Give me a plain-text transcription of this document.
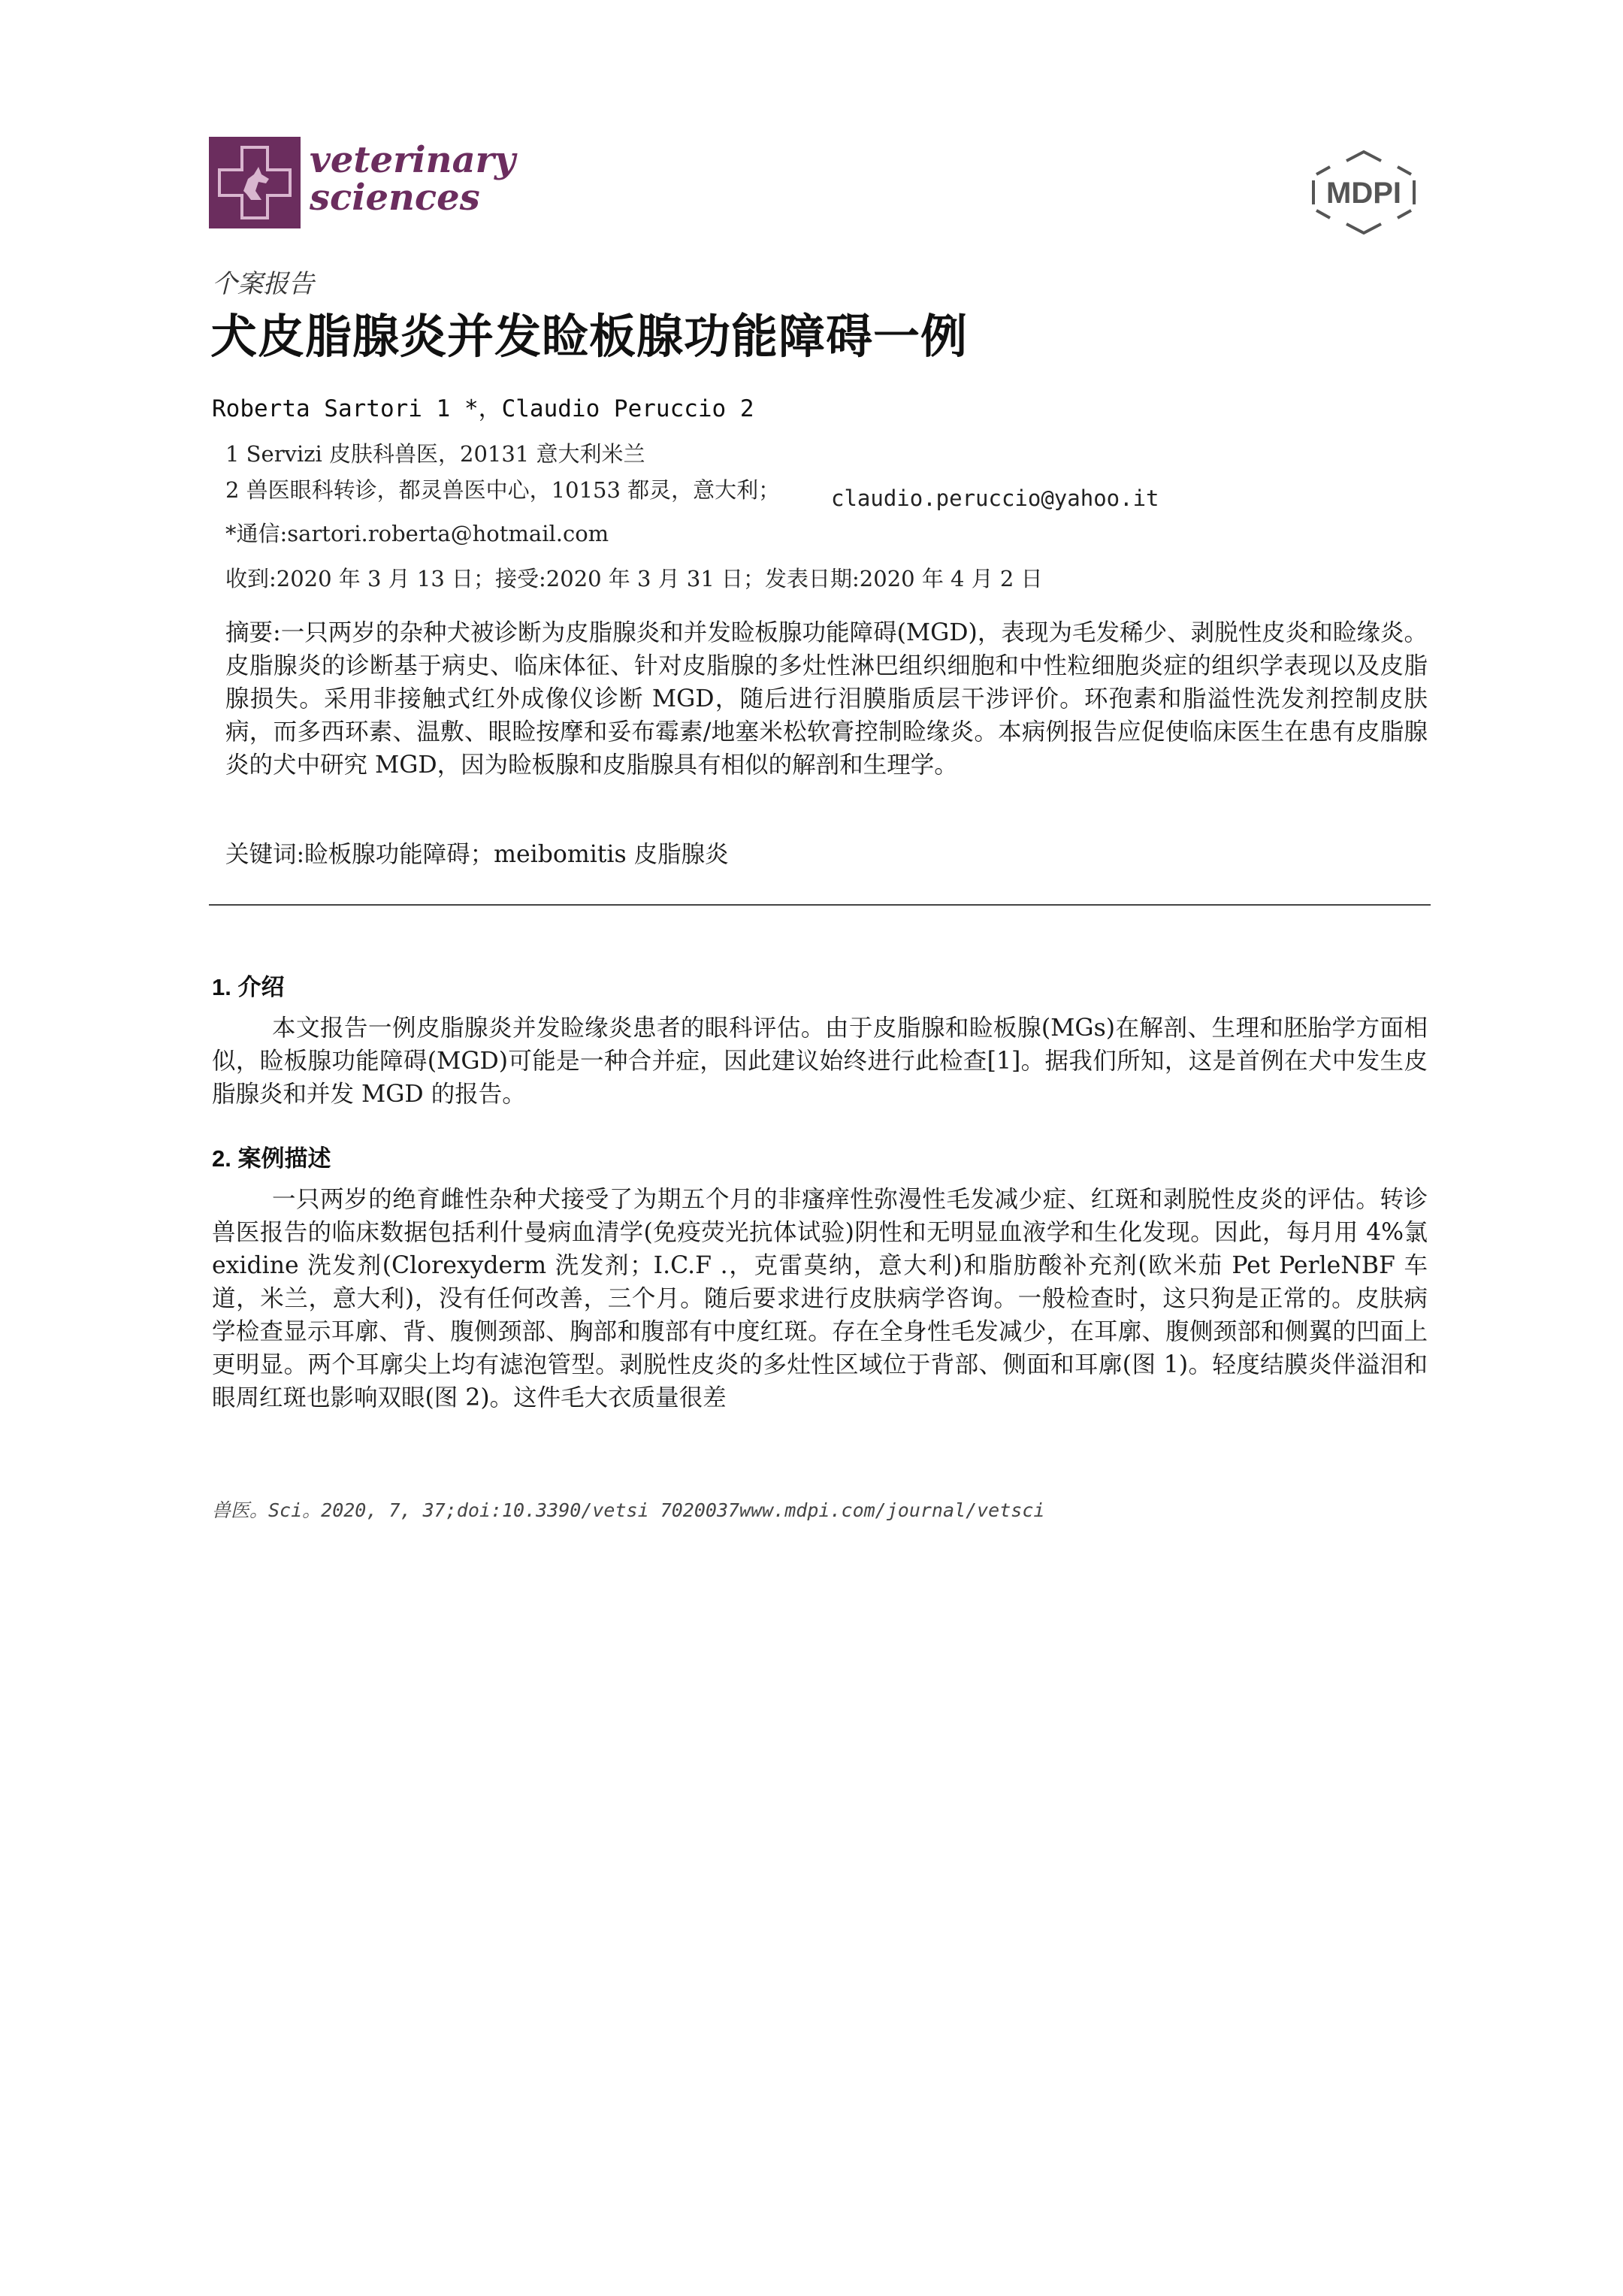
veterinary
sciences	MDPI
个案报告
犬皮脂腺炎并发睑板腺功能障碍一例
Roberta Sartori 1 *，Claudio Peruccio 2
1 Servizi 皮肤科兽医，20131 意大利米兰
2 兽医眼科转诊，都灵兽医中心，10153 都灵，意大利； claudio.peruccio@yahoo.it
*通信:sartori.roberta@hotmail.com
收到:2020 年 3 月 13 日；接受:2020 年 3 月 31 日；发表日期:2020 年 4 月 2 日
摘要:一只两岁的杂种犬被诊断为皮脂腺炎和并发睑板腺功能障碍(MGD)，表现为毛发稀少、剥脱性皮炎和睑缘炎。皮脂腺炎的诊断基于病史、临床体征、针对皮脂腺的多灶性淋巴组织细胞和中性粒细胞炎症的组织学表现以及皮脂腺损失。采用非接触式红外成像仪诊断 MGD，随后进行泪膜脂质层干涉评价。环孢素和脂溢性洗发剂控制皮肤病，而多西环素、温敷、眼睑按摩和妥布霉素/地塞米松软膏控制睑缘炎。本病例报告应促使临床医生在患有皮脂腺炎的犬中研究 MGD，因为睑板腺和皮脂腺具有相似的解剖和生理学。
关键词:睑板腺功能障碍；meibomitis 皮脂腺炎
1. 介绍
本文报告一例皮脂腺炎并发睑缘炎患者的眼科评估。由于皮脂腺和睑板腺(MGs)在解剖、生理和胚胎学方面相似，睑板腺功能障碍(MGD)可能是一种合并症，因此建议始终进行此检查[1]。据我们所知，这是首例在犬中发生皮脂腺炎和并发 MGD 的报告。
2. 案例描述
一只两岁的绝育雌性杂种犬接受了为期五个月的非瘙痒性弥漫性毛发减少症、红斑和剥脱性皮炎的评估。转诊兽医报告的临床数据包括利什曼病血清学(免疫荧光抗体试验)阴性和无明显血液学和生化发现。因此，每月用 4%氯 exidine 洗发剂(Clorexyderm 洗发剂；I.C.F .，克雷莫纳，意大利)和脂肪酸补充剂(欧米茄 Pet PerleNBF 车道，米兰，意大利)，没有任何改善，三个月。随后要求进行皮肤病学咨询。一般检查时，这只狗是正常的。皮肤病学检查显示耳廓、背、腹侧颈部、胸部和腹部有中度红斑。存在全身性毛发减少，在耳廓、腹侧颈部和侧翼的凹面上更明显。两个耳廓尖上均有滤泡管型。剥脱性皮炎的多灶性区域位于背部、侧面和耳廓(图 1)。轻度结膜炎伴溢泪和眼周红斑也影响双眼(图 2)。这件毛大衣质量很差
兽医。Sci。2020, 7, 37;doi:10.3390/vetsi 7020037www.mdpi.com/journal/vetsci
